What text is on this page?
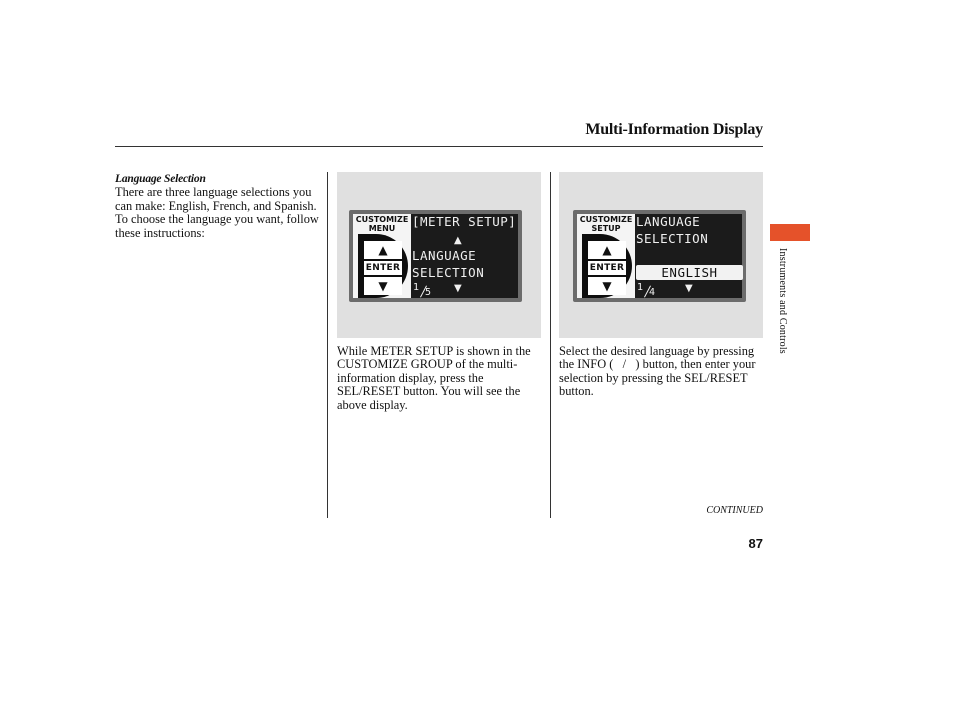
Multi-Information Display
Language Selection
There are three language selections you can make: English, French, and Spanish. To choose the language you want, follow these instructions:
CUSTOMIZE MENU
▲
ENTER
▼
[METER SETUP]
▲
LANGUAGE
SELECTION
1 5 ▼
While METER SETUP is shown in the CUSTOMIZE GROUP of the multi-information display, press the SEL/RESET button. You will see the above display.
CUSTOMIZE SETUP
▲
ENTER
▼
LANGUAGE
SELECTION
ENGLISH
1 4	▼
Select the desired language by pressing the INFO (   /   ) button, then enter your selection by pressing the SEL/RESET button.
Instruments and Controls
CONTINUED
87
